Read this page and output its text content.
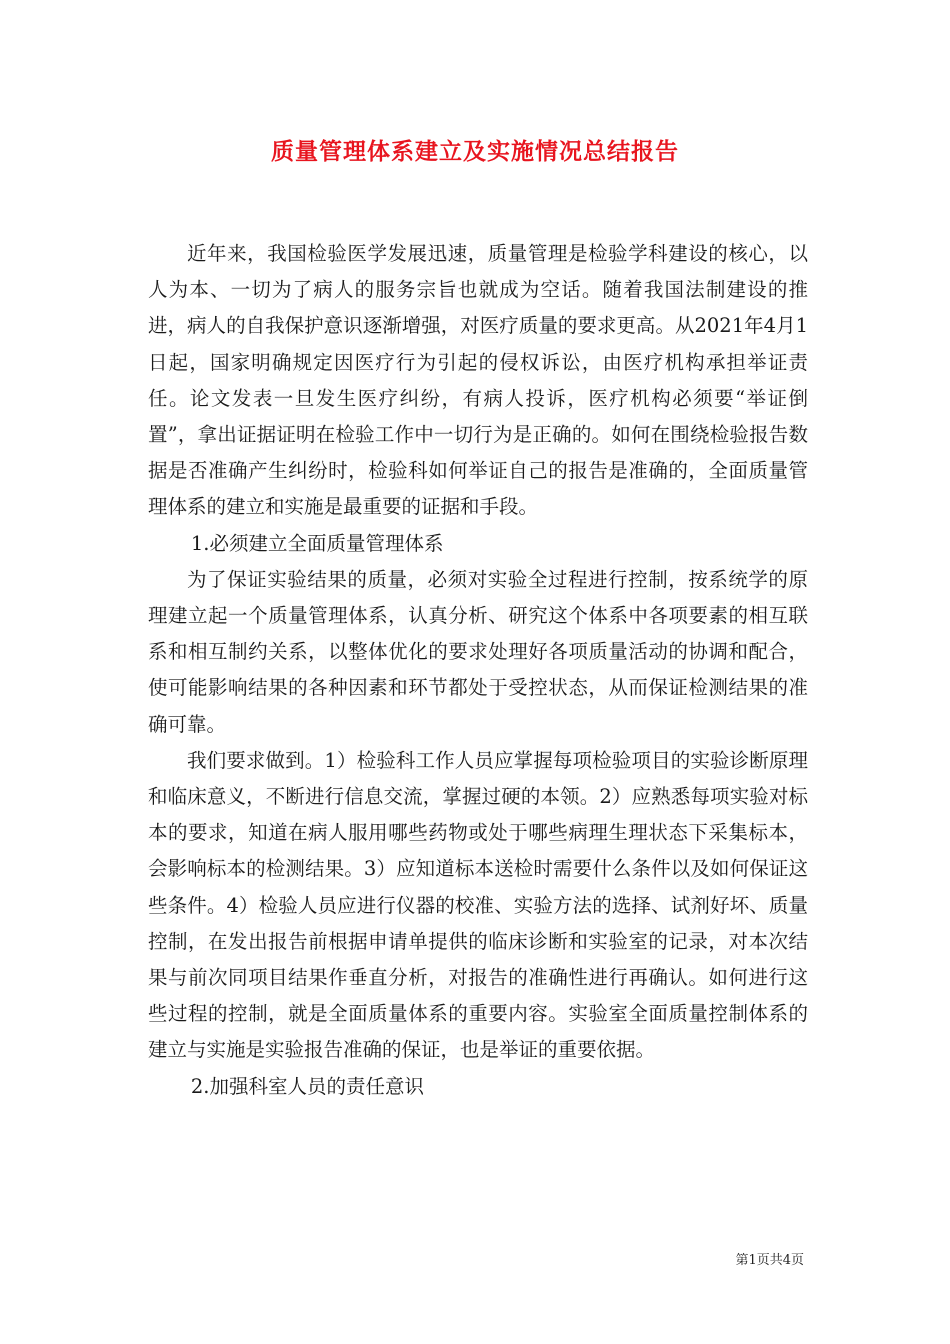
质量管理体系建立及实施情况总结报告

近年来，我国检验医学发展迅速，质量管理是检验学科建设的核心，以人为本、一切为了病人的服务宗旨也就成为空话。随着我国法制建设的推进，病人的自我保护意识逐渐增强，对医疗质量的要求更高。从2021年4月1日起，国家明确规定因医疗行为引起的侵权诉讼，由医疗机构承担举证责任。论文发表一旦发生医疗纠纷，有病人投诉，医疗机构必须要“举证倒置”，拿出证据证明在检验工作中一切行为是正确的。如何在围绕检验报告数据是否准确产生纠纷时，检验科如何举证自己的报告是准确的，全面质量管理体系的建立和实施是最重要的证据和手段。

1.必须建立全面质量管理体系

为了保证实验结果的质量，必须对实验全过程进行控制，按系统学的原理建立起一个质量管理体系，认真分析、研究这个体系中各项要素的相互联系和相互制约关系，以整体优化的要求处理好各项质量活动的协调和配合，使可能影响结果的各种因素和环节都处于受控状态，从而保证检测结果的准确可靠。

我们要求做到。1）检验科工作人员应掌握每项检验项目的实验诊断原理和临床意义，不断进行信息交流，掌握过硬的本领。2）应熟悉每项实验对标本的要求，知道在病人服用哪些药物或处于哪些病理生理状态下采集标本，会影响标本的检测结果。3）应知道标本送检时需要什么条件以及如何保证这些条件。4）检验人员应进行仪器的校准、实验方法的选择、试剂好坏、质量控制，在发出报告前根据申请单提供的临床诊断和实验室的记录，对本次结果与前次同项目结果作垂直分析，对报告的准确性进行再确认。如何进行这些过程的控制，就是全面质量体系的重要内容。实验室全面质量控制体系的建立与实施是实验报告准确的保证，也是举证的重要依据。

2.加强科室人员的责任意识

第1页共4页
